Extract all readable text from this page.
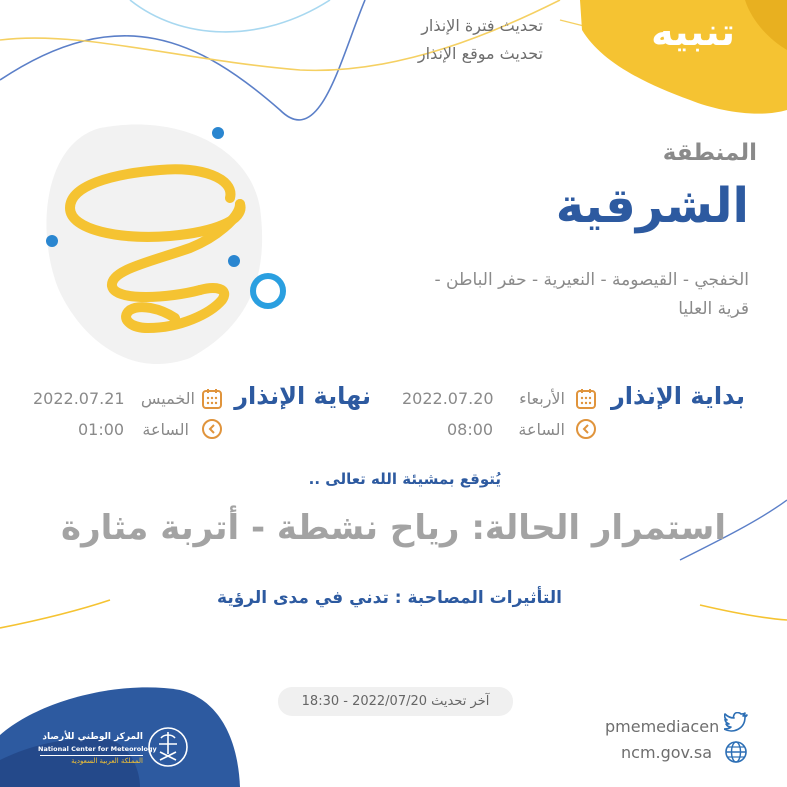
تنبيه
تحديث فترة الإنذار
تحديث موقع الإنذار
المنطقة
الشرقية
الخفجي - القيصومة - النعيرية - حفر الباطن -
قرية العليا
بداية الإنذار
الأربعاء
2022.07.20
الساعة
08:00
نهاية الإنذار
الخميس
2022.07.21
الساعة
01:00
يُتوقع بمشيئة الله تعالى ..
استمرار الحالة: رياح نشطة - أتربة مثارة
التأثيرات المصاحبة : تدني في مدى الرؤية
آخر تحديث 2022/07/20 - 18:30
pmemediacen
ncm.gov.sa
المركز الوطني للأرصاد
National Center for Meteorology
المملكة العربية السعودية
